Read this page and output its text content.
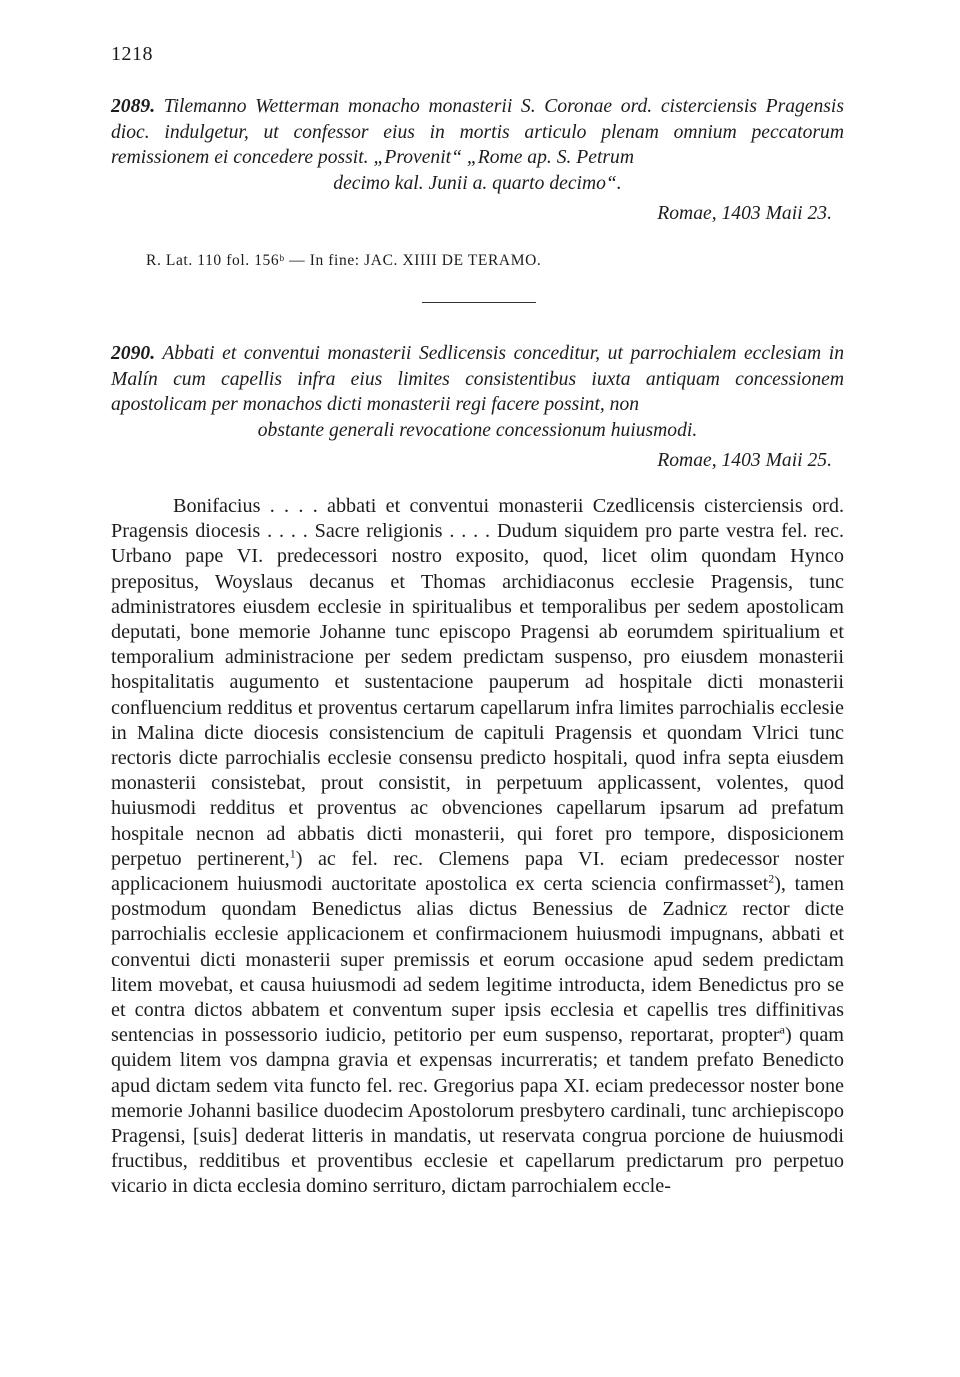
1218
2089. Tilemanno Wetterman monacho monasterii S. Coronae ord. cisterciensis Pragensis dioc. indulgetur, ut confessor eius in mortis articulo plenam omnium peccatorum remissionem ei concedere possit. „Provenit“ „Rome ap. S. Petrum
decimo kal. Junii a. quarto decimo“.
Romae, 1403 Maii 23.
R. Lat. 110 fol. 156ᵇ — In fine: JAC. XIIII DE TERAMO.
2090. Abbati et conventui monasterii Sedlicensis conceditur, ut parrochialem ecclesiam in Malín cum capellis infra eius limites consistentibus iuxta antiquam concessionem apostolicam per monachos dicti monasterii regi facere possint, non
obstante generali revocatione concessionum huiusmodi.
Romae, 1403 Maii 25.

Bonifacius . . . . abbati et conventui monasterii Czedlicensis cisterciensis ord. Pragensis diocesis . . . . Sacre religionis . . . . Dudum siquidem pro parte vestra fel. rec. Urbano pape VI. predecessori nostro exposito, quod, licet olim quondam Hynco prepositus, Woyslaus decanus et Thomas archidiaconus ecclesie Pragensis, tunc administratores eiusdem ecclesie in spiritualibus et temporalibus per sedem apostolicam deputati, bone memorie Johanne tunc episcopo Pragensi ab eorumdem spiritualium et temporalium administracione per sedem predictam suspenso, pro eiusdem monasterii hospitalitatis augumento et sustentacione pauperum ad hospitale dicti monasterii confluencium redditus et proventus certarum capellarum infra limites parrochialis ecclesie in Malina dicte diocesis consistencium de capituli Pragensis et quondam Vlrici tunc rectoris dicte parrochialis ecclesie consensu predicto hospitali, quod infra septa eiusdem monasterii consistebat, prout consistit, in perpetuum applicassent, volentes, quod huiusmodi redditus et proventus ac obvenciones capellarum ipsarum ad prefatum hospitale necnon ad abbatis dicti monasterii, qui foret pro tempore, disposicionem perpetuo pertinerent,$^1$) ac fel. rec. Clemens papa VI. eciam predecessor noster applicacionem huiusmodi auctoritate apostolica ex certa sciencia confirmasset$^2$), tamen postmodum quondam Benedictus alias dictus Benessius de Zadnicz rector dicte parrochialis ecclesie applicacionem et confirmacionem huiusmodi impugnans, abbati et conventui dicti monasterii super premissis et eorum occasione apud sedem predictam litem movebat, et causa huiusmodi ad sedem legitime introducta, idem Benedictus pro se et contra dictos abbatem et conventum super ipsis ecclesia et capellis tres diffinitivas sentencias in possessorio iudicio, petitorio per eum suspenso, reportarat, propter$^a$) quam quidem litem vos dampna gravia et expensas incurreratis; et tandem prefato Benedicto apud dictam sedem vita functo fel. rec. Gregorius papa XI. eciam predecessor noster bone memorie Johanni basilice duodecim Apostolorum presbytero cardinali, tunc archiepiscopo Pragensi, [suis] dederat litteris in mandatis, ut reservata congrua porcione de huiusmodi fructibus, redditibus et proventibus ecclesie et capellarum predictarum pro perpetuo vicario in dicta ecclesia domino serrituro, dictam parrochialem eccle-
